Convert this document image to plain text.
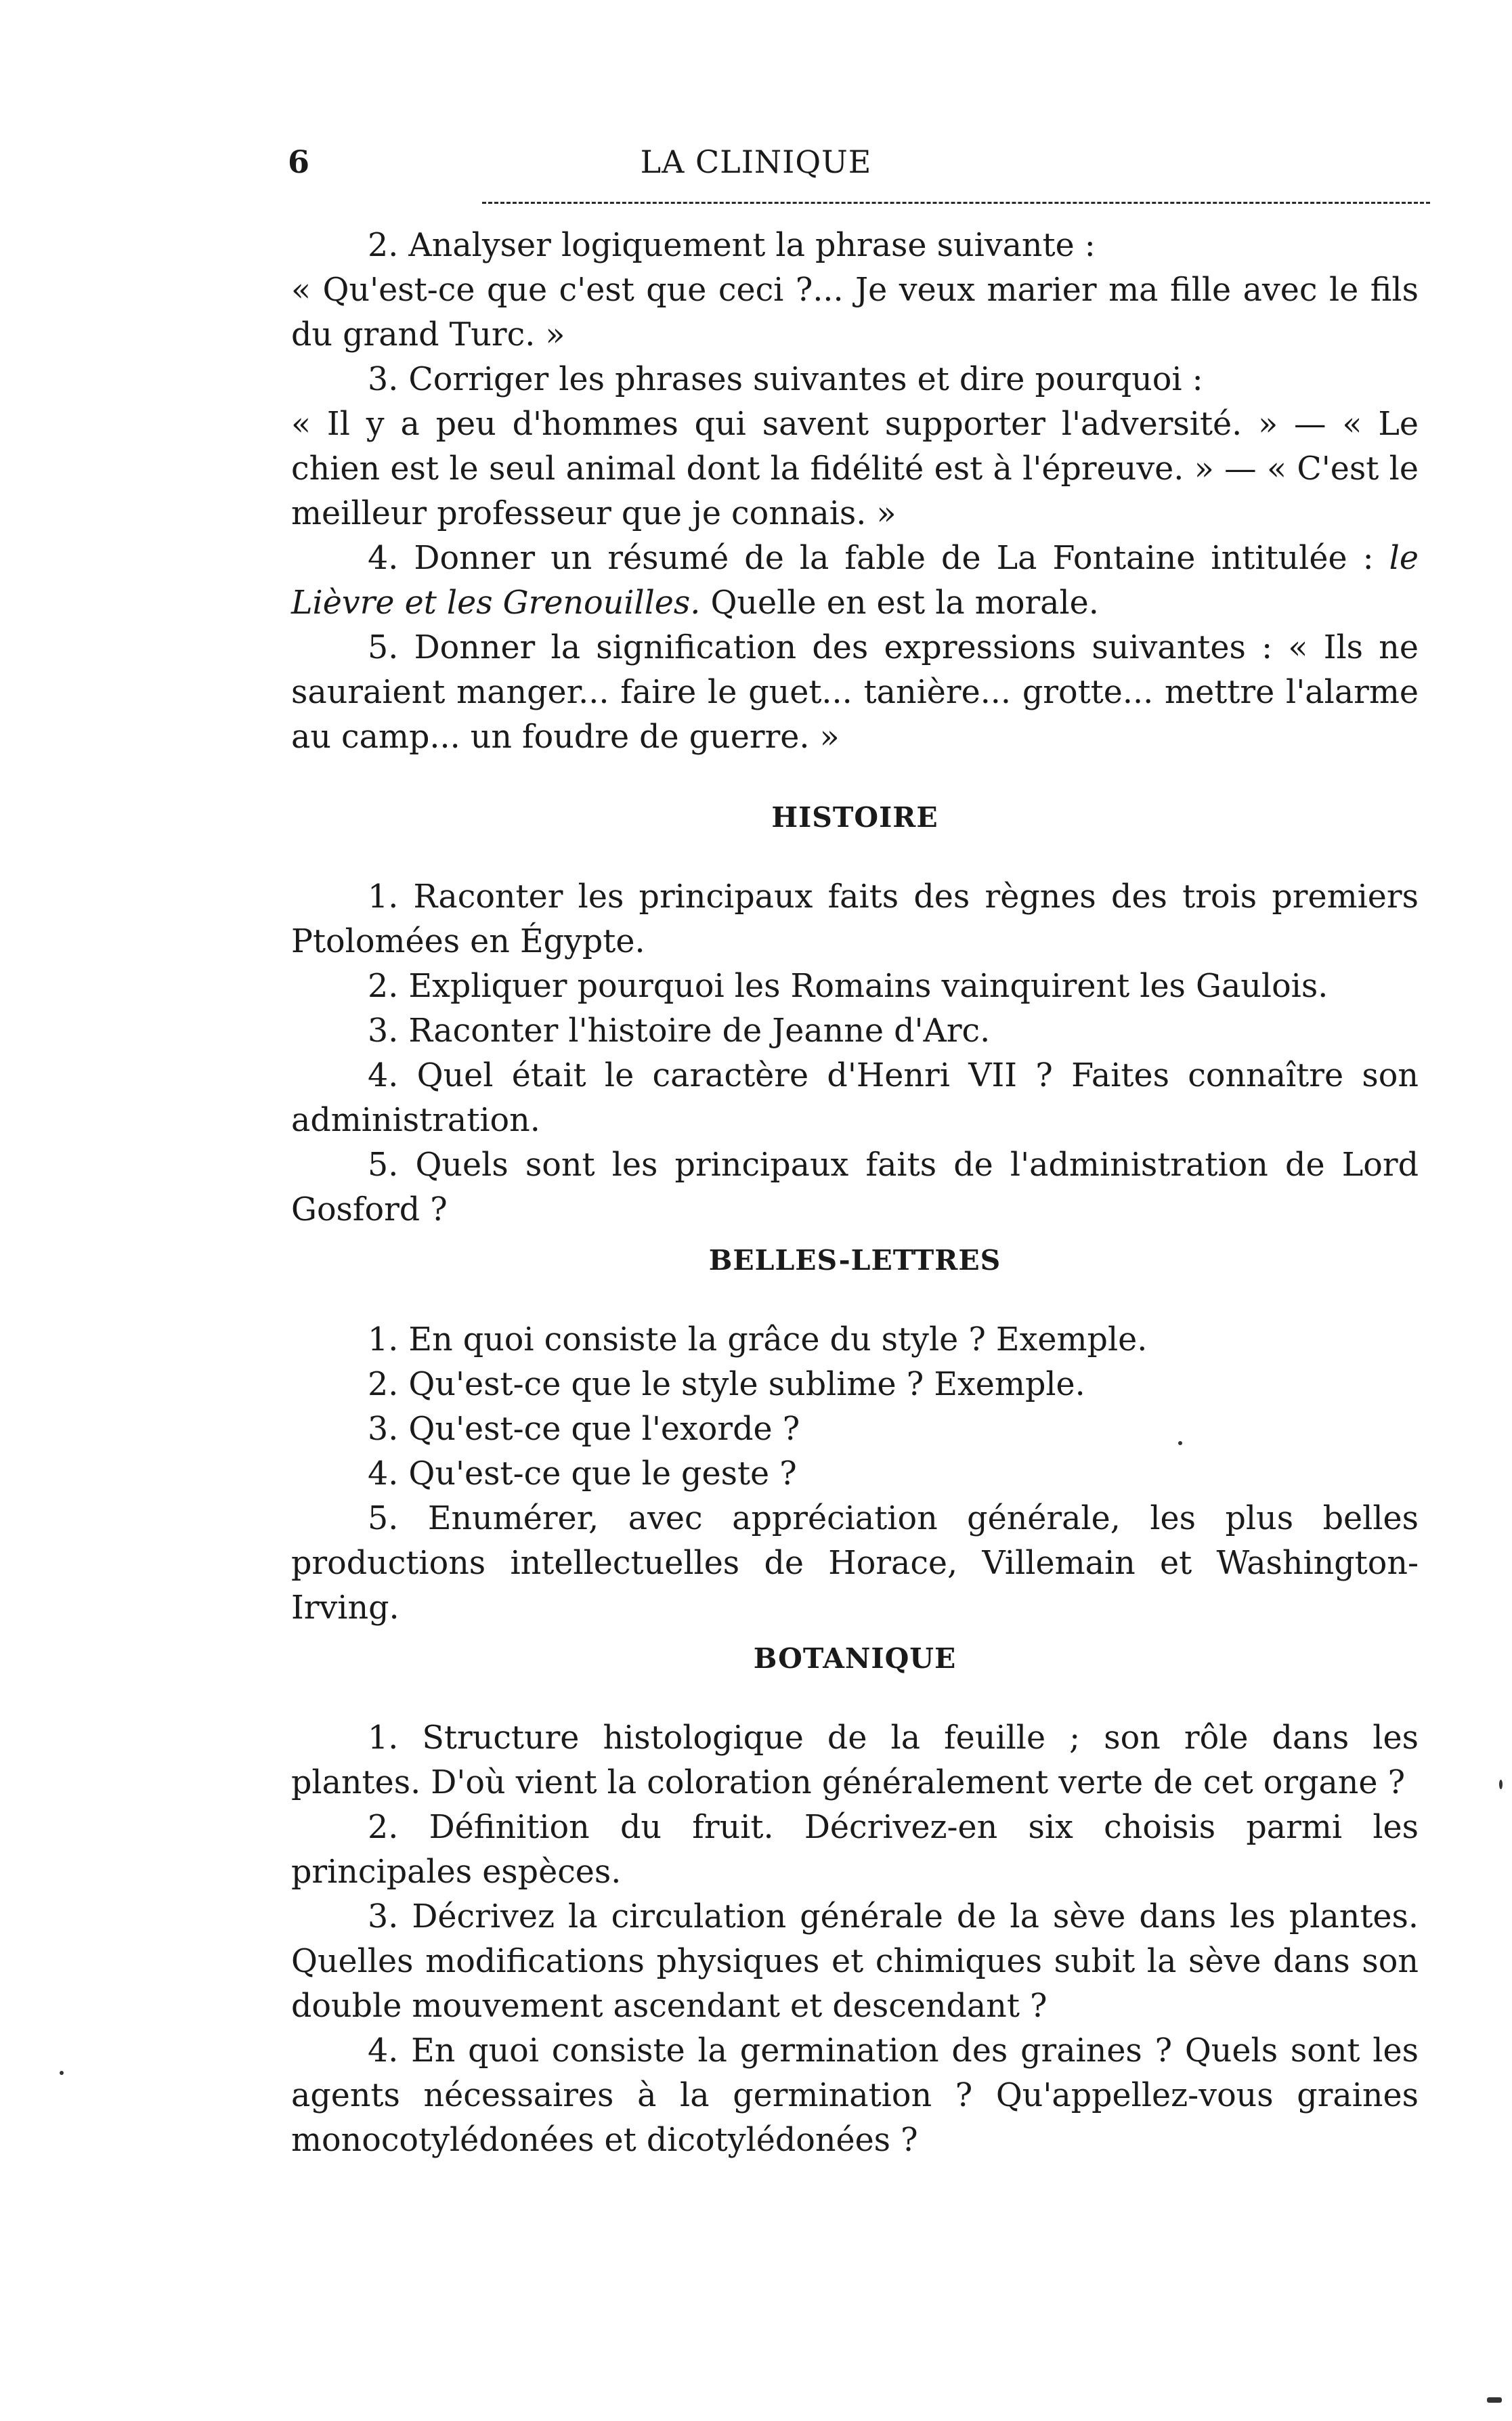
6	LA CLINIQUE

2. Analyser logiquement la phrase suivante :

« Qu'est-ce que c'est que ceci ?... Je veux marier ma fille avec le fils du grand Turc. »

3. Corriger les phrases suivantes et dire pourquoi :

« Il y a peu d'hommes qui savent supporter l'adversité. » — « Le chien est le seul animal dont la fidélité est à l'épreuve. » — « C'est le meilleur professeur que je connais. »

4. Donner un résumé de la fable de La Fontaine intitulée : le Lièvre et les Grenouilles. Quelle en est la morale.

5. Donner la signification des expressions suivantes : « Ils ne sauraient manger... faire le guet... tanière... grotte... mettre l'alarme au camp... un foudre de guerre. »

HISTOIRE

1. Raconter les principaux faits des règnes des trois premiers Ptolomées en Égypte.

2. Expliquer pourquoi les Romains vainquirent les Gaulois.

3. Raconter l'histoire de Jeanne d'Arc.

4. Quel était le caractère d'Henri VII ? Faites connaître son administration.

5. Quels sont les principaux faits de l'administration de Lord Gosford ?

BELLES-LETTRES

1. En quoi consiste la grâce du style ? Exemple.

2. Qu'est-ce que le style sublime ? Exemple.

3. Qu'est-ce que l'exorde ?

4. Qu'est-ce que le geste ?

5. Enumérer, avec appréciation générale, les plus belles productions intellectuelles de Horace, Villemain et Washington-Irving.

BOTANIQUE

1. Structure histologique de la feuille ; son rôle dans les plantes. D'où vient la coloration généralement verte de cet organe ?

2. Définition du fruit. Décrivez-en six choisis parmi les principales espèces.

3. Décrivez la circulation générale de la sève dans les plantes. Quelles modifications physiques et chimiques subit la sève dans son double mouvement ascendant et descendant ?

4. En quoi consiste la germination des graines ? Quels sont les agents nécessaires à la germination ? Qu'appellez-vous graines monocotylédonées et dicotylédonées ?
